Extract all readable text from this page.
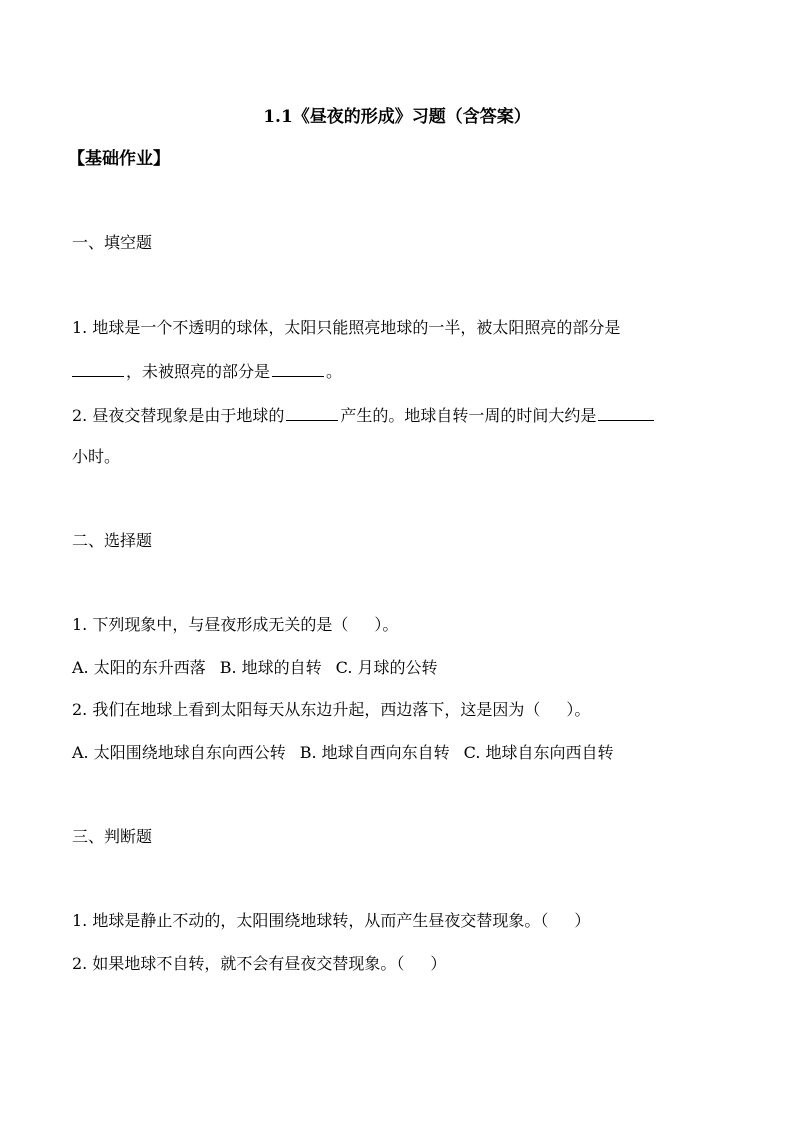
1.1《昼夜的形成》习题（含答案）
【基础作业】
一、填空题
1. 地球是一个不透明的球体，太阳只能照亮地球的一半，被太阳照亮的部分是
，未被照亮的部分是	。
2. 昼夜交替现象是由于地球的	产生的。地球自转一周的时间大约是
小时。
二、选择题
1. 下列现象中，与昼夜形成无关的是（ ）。
A. 太阳的东升西落 B. 地球的自转 C. 月球的公转
2. 我们在地球上看到太阳每天从东边升起，西边落下，这是因为（ ）。
A. 太阳围绕地球自东向西公转 B. 地球自西向东自转 C. 地球自东向西自转
三、判断题
1. 地球是静止不动的，太阳围绕地球转，从而产生昼夜交替现象。（ ）
2. 如果地球不自转，就不会有昼夜交替现象。（ ）
